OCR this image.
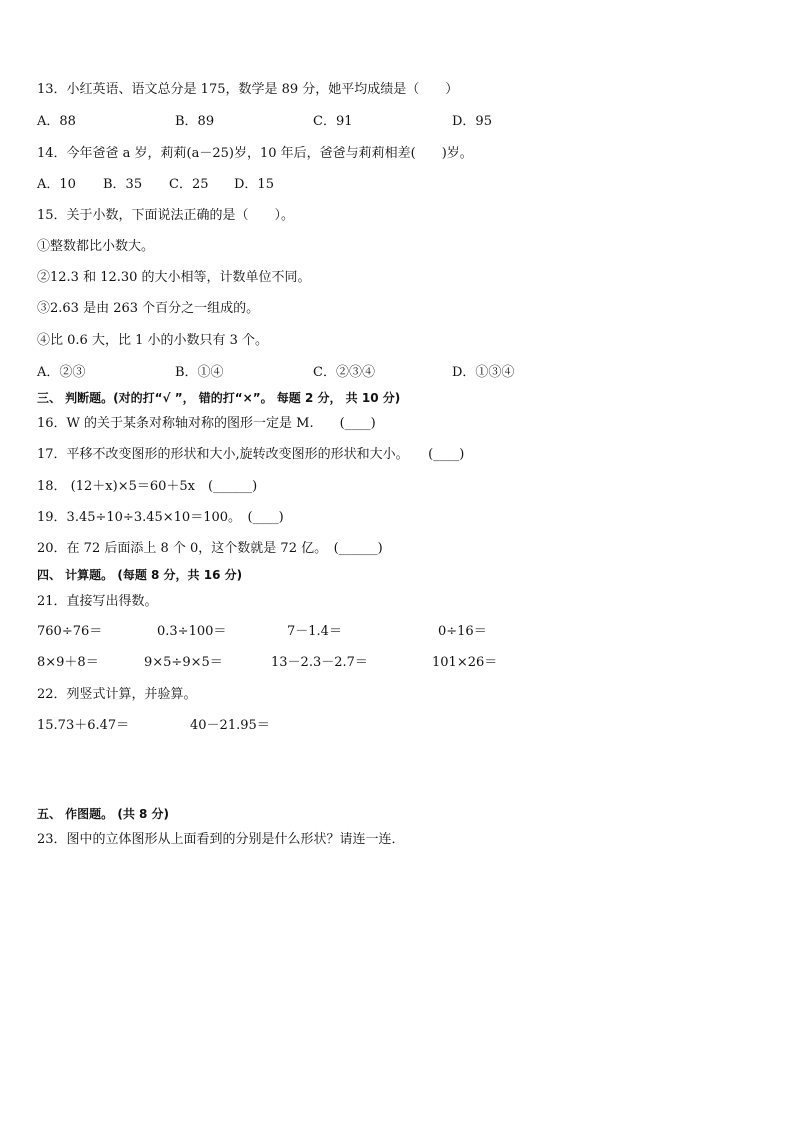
13．小红英语、语文总分是 175，数学是 89 分，她平均成绩是（　　）
A．88	B．89	C．91	D．95
14．今年爸爸 a 岁，莉莉(a－25)岁，10 年后，爸爸与莉莉相差(　　)岁。
A．10 B．35 C．25 D．15
15．关于小数，下面说法正确的是（　　）。
①整数都比小数大。
②12.3 和 12.30 的大小相等，计数单位不同。
③2.63 是由 263 个百分之一组成的。
④比 0.6 大，比 1 小的小数只有 3 个。
A．②③	B．①④	C．②③④	D．①③④
三、 判断题。(对的打“√ ”， 错的打“×”。 每题 2 分， 共 10 分)
16．W 的关于某条对称轴对称的图形一定是 M.　　(____)
17．平移不改变图形的形状和大小,旋转改变图形的形状和大小。　　(____)
18． (12＋x)×5＝60＋5x　(______)
19．3.45÷10÷3.45×10＝100。　(____)
20．在 72 后面添上 8 个 0，这个数就是 72 亿。　(______)
四、 计算题。 (每题 8 分，共 16 分)
21．直接写出得数。
760÷76＝	0.3÷100＝	7－1.4＝	0÷16＝
8×9＋8＝	9×5÷9×5＝	13－2.3－2.7＝	101×26＝
22．列竖式计算，并验算。
15.73＋6.47＝	40－21.95＝
五、 作图题。 (共 8 分)
23．图中的立体图形从上面看到的分别是什么形状？请连一连．
